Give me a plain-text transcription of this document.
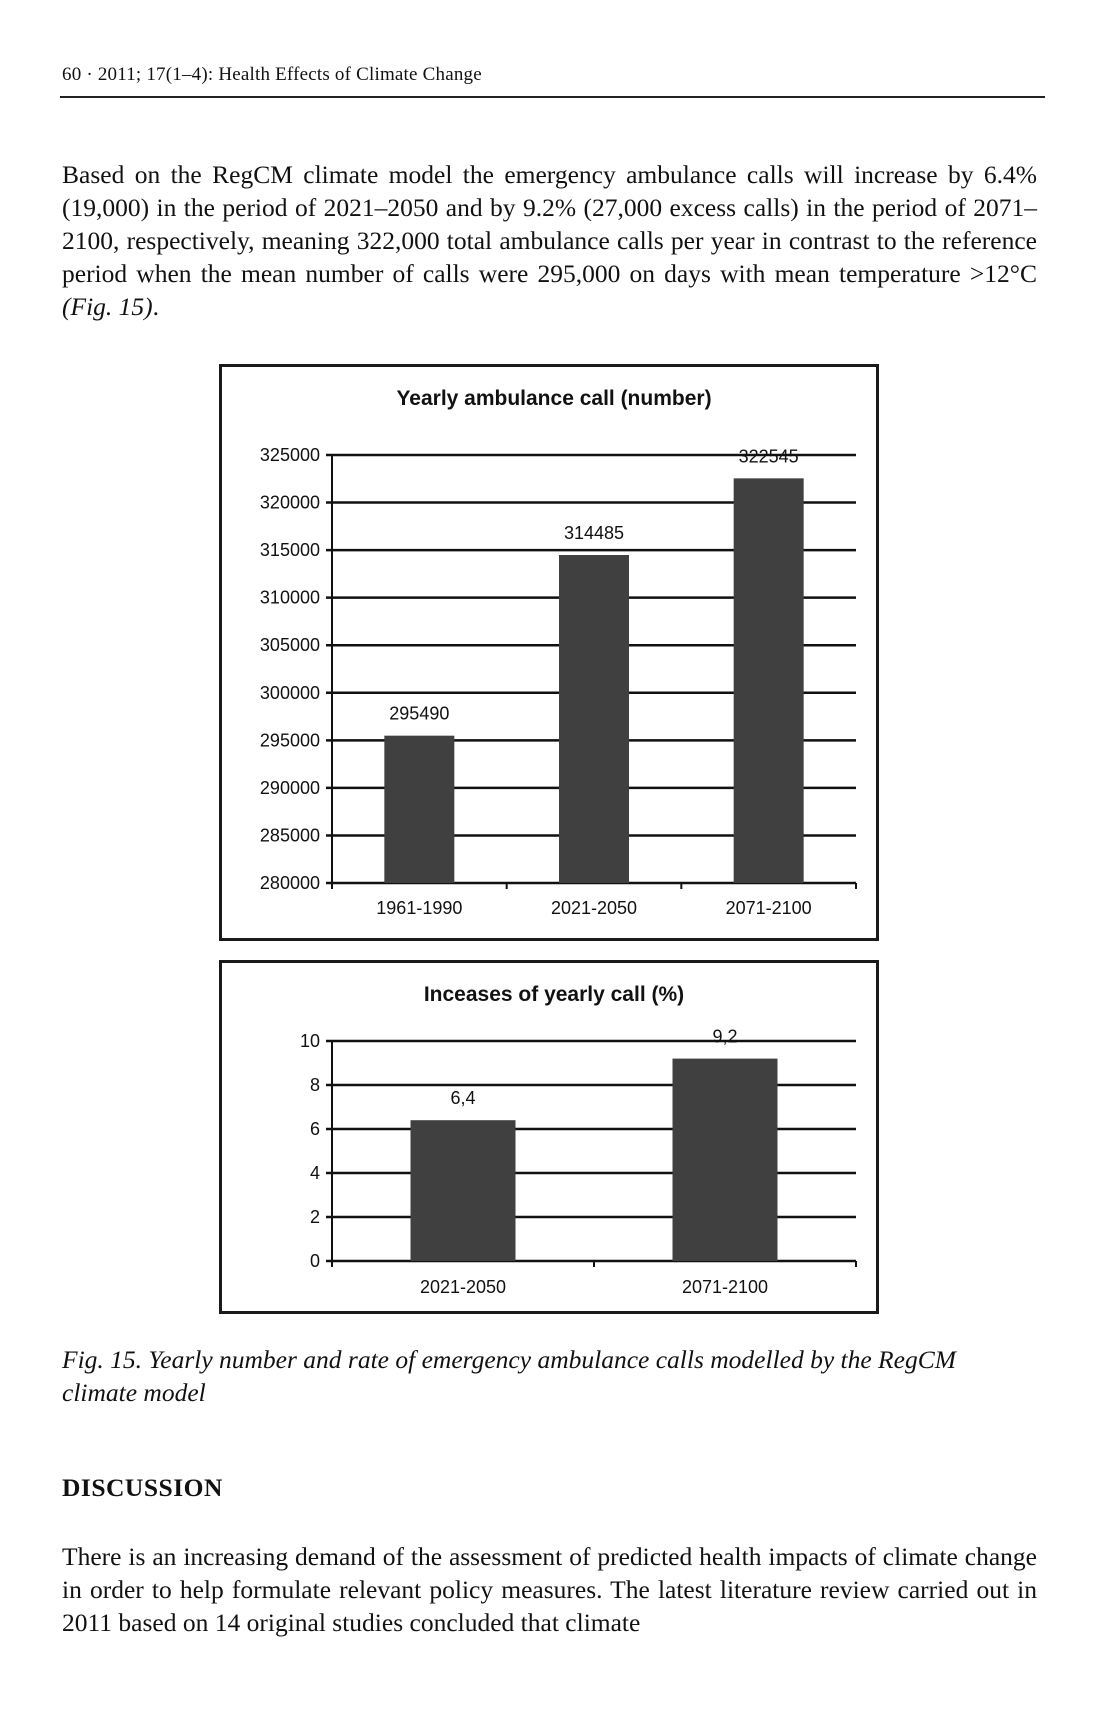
60 · 2011; 17(1–4): Health Effects of Climate Change
Based on the RegCM climate model the emergency ambulance calls will increase by 6.4% (19,000) in the period of 2021–2050 and by 9.2% (27,000 excess calls) in the period of 2071–2100, respectively, meaning 322,000 total ambulance calls per year in contrast to the reference period when the mean number of calls were 295,000 on days with mean temperature >12°C (Fig. 15).
Yearly ambulance call (number)
280000
285000
290000
295000
300000
305000
310000
315000
320000
325000
295490
1961-1990
314485
2021-2050
322545
2071-2100
Inceases of yearly call (%)
0
2
4
6
8
10
6,4
2021-2050
9,2
2071-2100
Fig. 15. Yearly number and rate of emergency ambulance calls modelled by the RegCM climate model
DISCUSSION
There is an increasing demand of the assessment of predicted health impacts of climate change in order to help formulate relevant policy measures. The latest literature review carried out in 2011 based on 14 original studies concluded that climate
